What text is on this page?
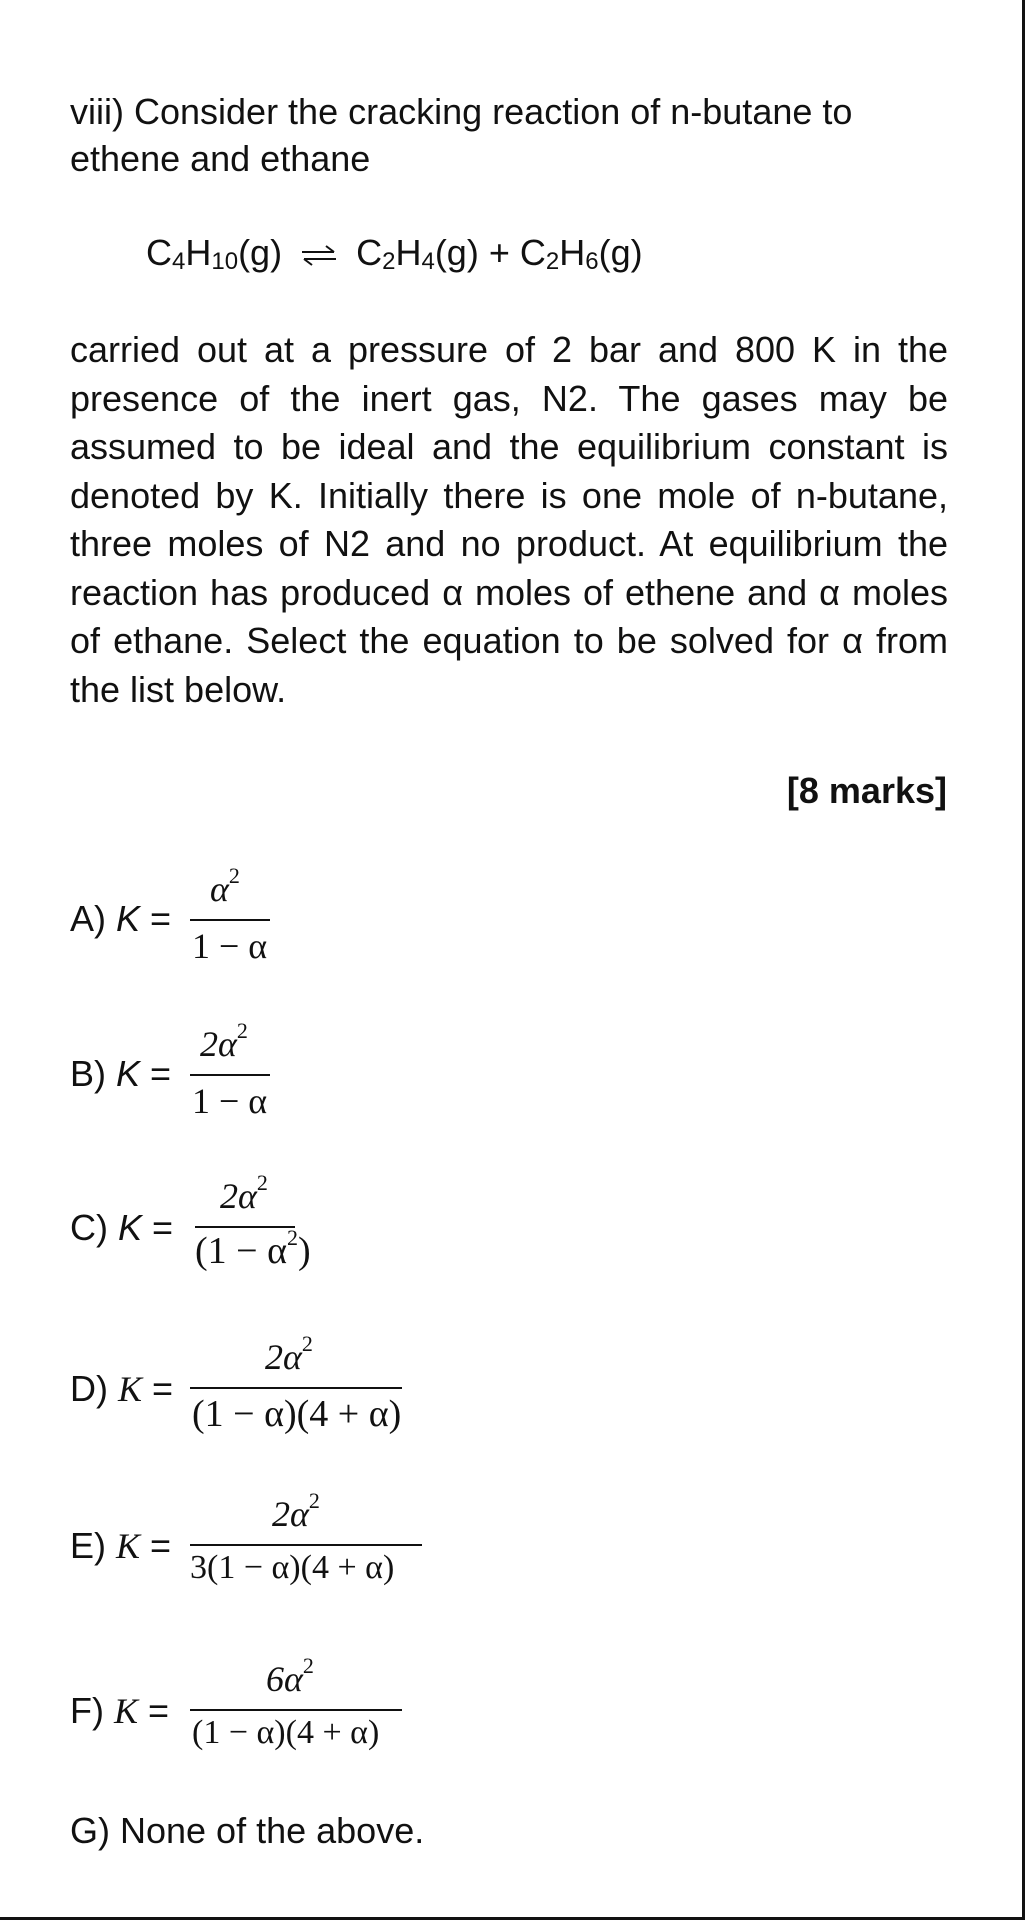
viii) Consider the cracking reaction of n-butane to ethene and ethane

$C_4H_{10}(g)$ ⇌ $C_2H_4(g) + C_2H_6(g)$

carried out at a pressure of 2 bar and 800 K in the presence of the inert gas, N2. The gases may be assumed to be ideal and the equilibrium constant is denoted by K. Initially there is one mole of n-butane, three moles of N2 and no product. At equilibrium the reaction has produced α moles of ethene and α moles of ethane. Select the equation to be solved for α from the list below.

[8 marks]
A) K =
$\alpha^2$
1 − α
B) K =
$2\alpha^2$
1 − α
C) K =
$2\alpha^2$
$(1 - \alpha^2)$
D) K =
$2\alpha^2$
(1 − α)(4 + α)
E) K =
$2\alpha^2$
3(1 − α)(4 + α)
F) K =
$6\alpha^2$
(1 − α)(4 + α)
G) None of the above.
